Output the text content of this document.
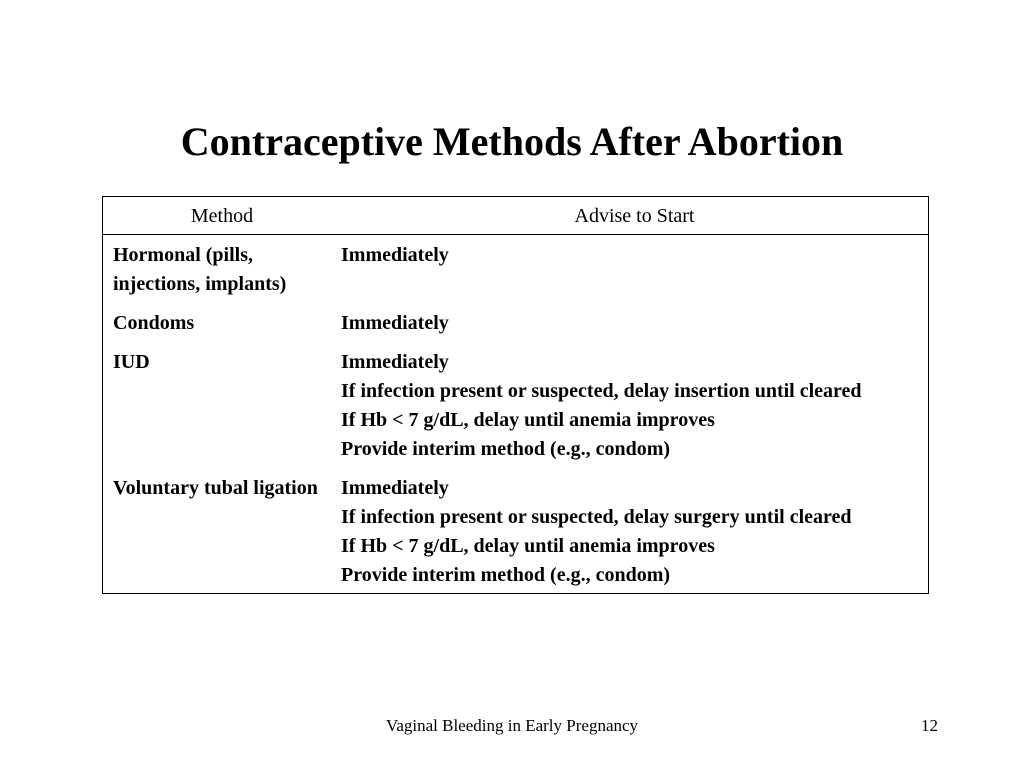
Contraceptive Methods After Abortion
Method	Advise to Start
Hormonal (pills, injections, implants)	Immediately

Condoms	Immediately

IUD	Immediately
If infection present or suspected, delay insertion until cleared
If Hb < 7 g/dL, delay until anemia improves
Provide interim method (e.g., condom)

Voluntary tubal ligation	Immediately
If infection present or suspected, delay surgery until cleared
If Hb < 7 g/dL, delay until anemia improves
Provide interim method (e.g., condom)
Vaginal Bleeding in Early Pregnancy	12
